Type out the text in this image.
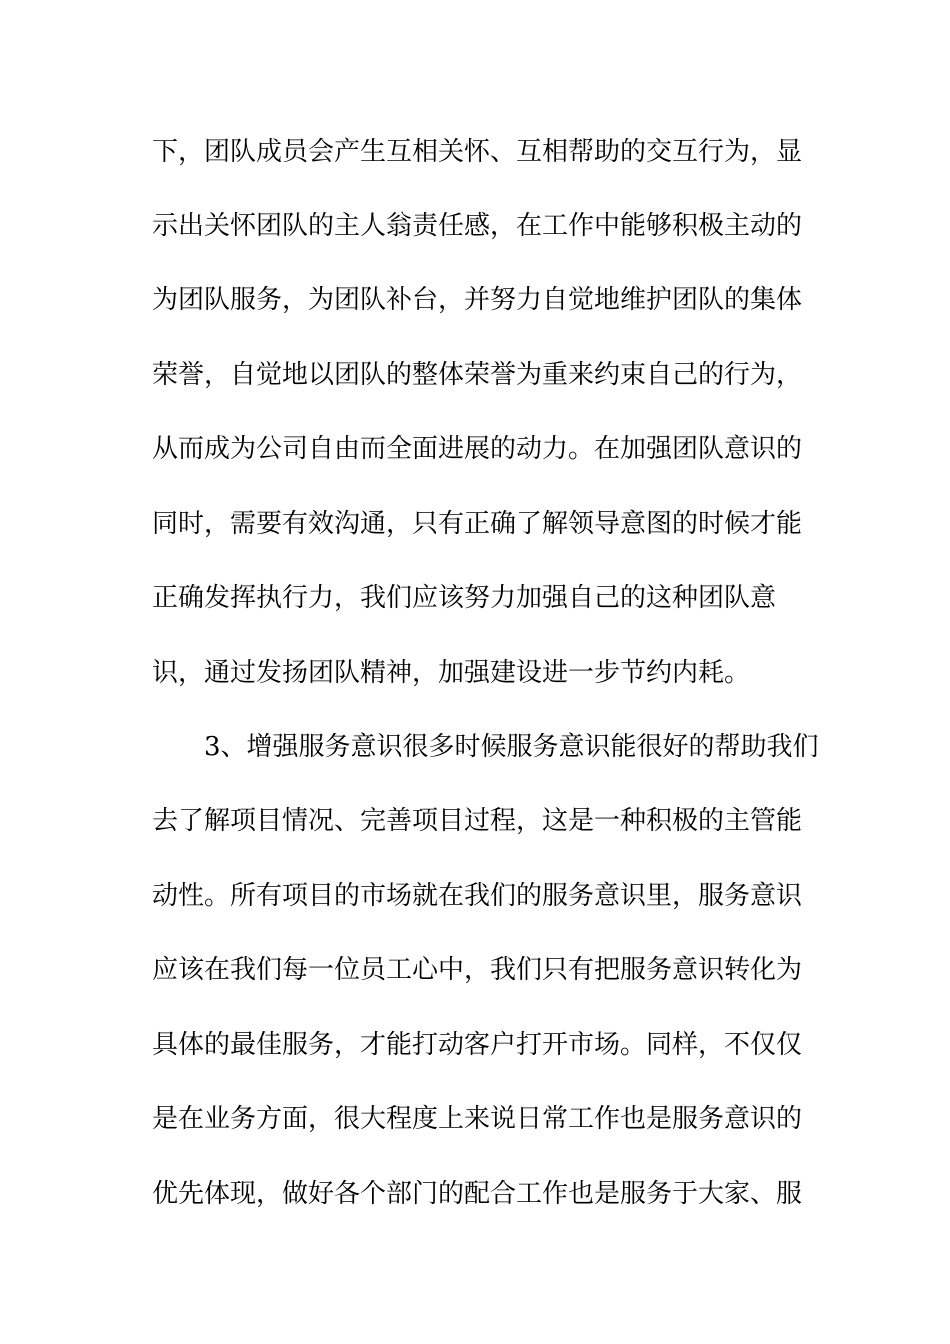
下，团队成员会产生互相关怀、互相帮助的交互行为，显

示出关怀团队的主人翁责任感，在工作中能够积极主动的

为团队服务，为团队补台，并努力自觉地维护团队的集体

荣誉，自觉地以团队的整体荣誉为重来约束自己的行为，

从而成为公司自由而全面进展的动力。在加强团队意识的

同时，需要有效沟通，只有正确了解领导意图的时候才能

正确发挥执行力，我们应该努力加强自己的这种团队意

识，通过发扬团队精神，加强建设进一步节约内耗。

3、增强服务意识很多时候服务意识能很好的帮助我们

去了解项目情况、完善项目过程，这是一种积极的主管能

动性。所有项目的市场就在我们的服务意识里，服务意识

应该在我们每一位员工心中，我们只有把服务意识转化为

具体的最佳服务，才能打动客户打开市场。同样，不仅仅

是在业务方面，很大程度上来说日常工作也是服务意识的

优先体现，做好各个部门的配合工作也是服务于大家、服
